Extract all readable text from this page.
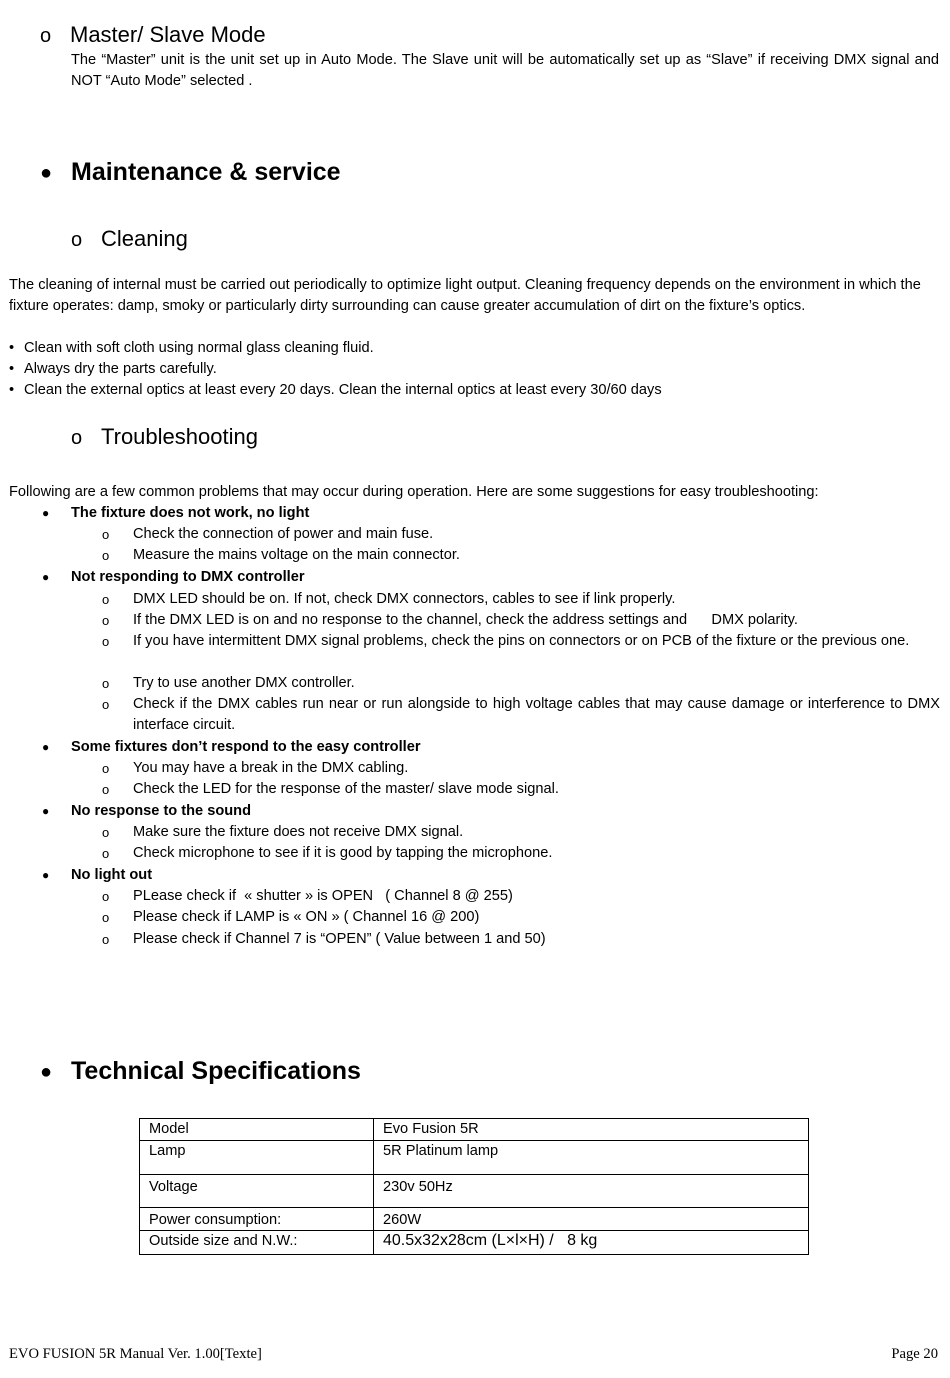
o Master/ Slave Mode
The “Master” unit is the unit set up in Auto Mode. The Slave unit will be automatically set up as “Slave” if receiving DMX signal and NOT “Auto Mode” selected .
● Maintenance & service
o Cleaning
The cleaning of internal must be carried out periodically to optimize light output. Cleaning frequency depends on the environment in which the fixture operates: damp, smoky or particularly dirty surrounding can cause greater accumulation of dirt on the fixture’s optics.
• Clean with soft cloth using normal glass cleaning fluid.
• Always dry the parts carefully.
• Clean the external optics at least every 20 days. Clean the internal optics at least every 30/60 days
o Troubleshooting
Following are a few common problems that may occur during operation. Here are some suggestions for easy troubleshooting:
● The fixture does not work, no light
o Check the connection of power and main fuse.
o Measure the mains voltage on the main connector.
● Not responding to DMX controller
o DMX LED should be on. If not, check DMX connectors, cables to see if link properly.
o If the DMX LED is on and no response to the channel, check the address settings and      DMX polarity.
o If you have intermittent DMX signal problems, check the pins on connectors or on PCB of the fixture or the previous one.
o Try to use another DMX controller.
o Check if the DMX cables run near or run alongside to high voltage cables that may cause damage or interference to DMX interface circuit.
● Some fixtures don’t respond to the easy controller
o You may have a break in the DMX cabling.
o Check the LED for the response of the master/ slave mode signal.
● No response to the sound
o Make sure the fixture does not receive DMX signal.
o Check microphone to see if it is good by tapping the microphone.
● No light out
o PLease check if  « shutter » is OPEN   ( Channel 8 @ 255)
o Please check if LAMP is « ON » ( Channel 16 @ 200)
o Please check if Channel 7 is “OPEN” ( Value between 1 and 50)
● Technical Specifications
Model	Evo Fusion 5R
Lamp	5R Platinum lamp
Voltage	230v 50Hz
Power consumption:	260W
Outside size and N.W.:	40.5x32x28cm (L×l×H) /   8 kg
EVO FUSION 5R Manual Ver. 1.00[Texte]	Page 20
